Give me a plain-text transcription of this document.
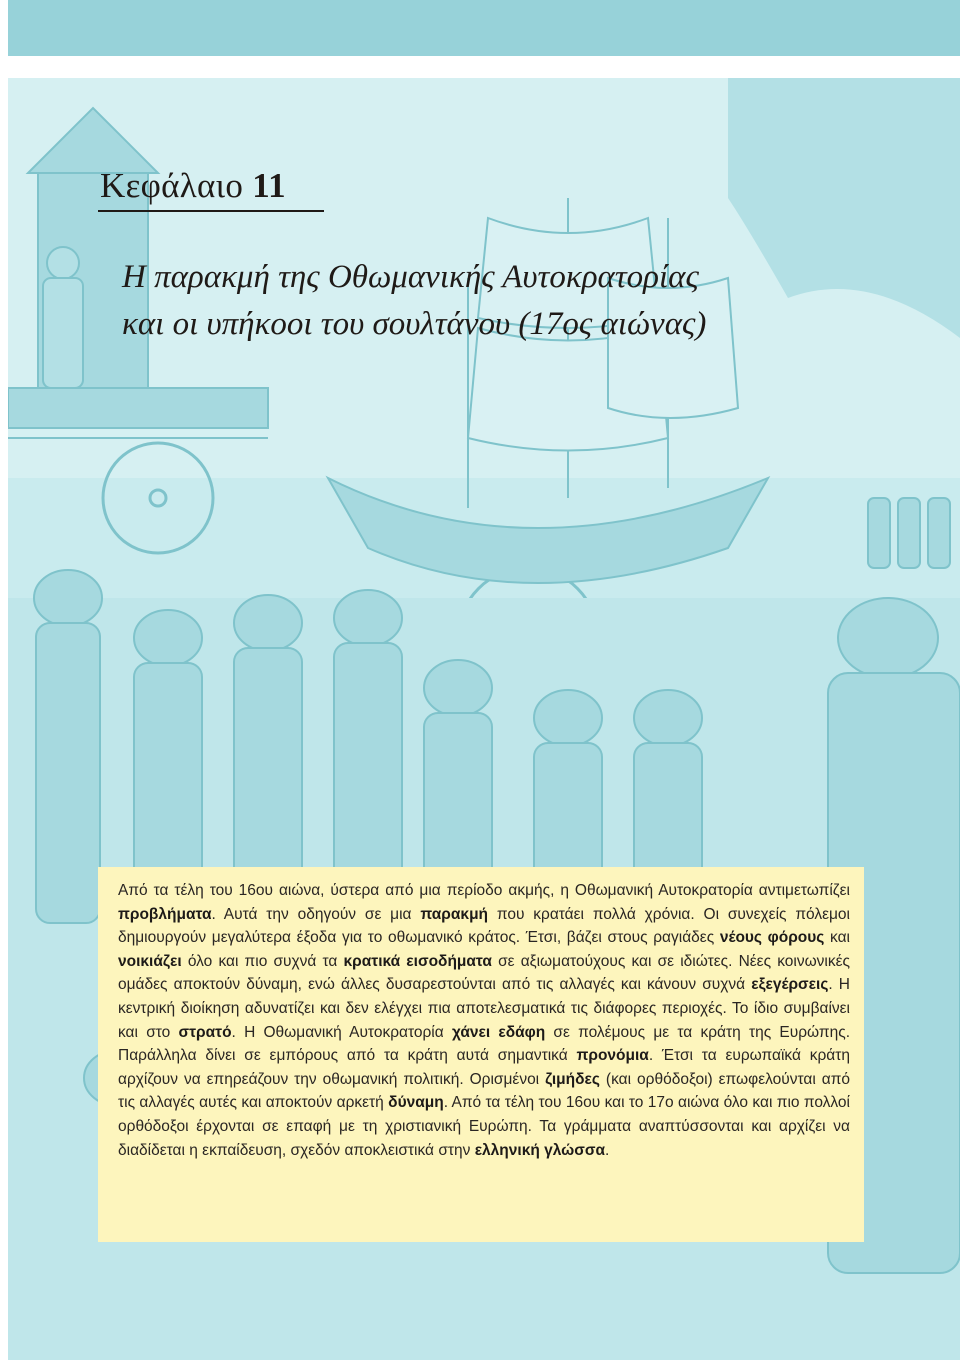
Κεφάλαιο 11
Η παρακμή της Οθωμανικής Αυτοκρατορίας
και οι υπήκοοι του σουλτάνου (17ος αιώνας)

Από τα τέλη του 16ου αιώνα, ύστερα από μια περίοδο ακμής, η Οθωμανική Αυτοκρατορία αντιμετωπίζει προβλήματα. Αυτά την οδηγούν σε μια παρακμή που κρατάει πολλά χρόνια. Οι συνεχείς πόλεμοι δημιουργούν μεγαλύτερα έξοδα για το οθωμανικό κράτος. Έτσι, βάζει στους ραγιάδες νέους φόρους και νοικιάζει όλο και πιο συχνά τα κρατικά εισοδήματα σε αξιωματούχους και σε ιδιώτες. Νέες κοινωνικές ομάδες αποκτούν δύναμη, ενώ άλλες δυσαρεστούνται από τις αλλαγές και κάνουν συχνά εξεγέρσεις. Η κεντρική διοίκηση αδυνατίζει και δεν ελέγχει πια αποτελεσματικά τις διάφορες περιοχές. Το ίδιο συμβαίνει και στο στρατό. Η Οθωμανική Αυτοκρατορία χάνει εδάφη σε πολέμους με τα κράτη της Ευρώπης. Παράλληλα δίνει σε εμπόρους από τα κράτη αυτά σημαντικά προνόμια. Έτσι τα ευρωπαϊκά κράτη αρχίζουν να επηρεάζουν την οθωμανική πολιτική. Ορισμένοι ζιμήδες (και ορθόδοξοι) επωφελούνται από τις αλλαγές αυτές και αποκτούν αρκετή δύναμη. Από τα τέλη του 16ου και το 17ο αιώνα όλο και πιο πολλοί ορθόδοξοι έρχονται σε επαφή με τη χριστιανική Ευρώπη. Τα γράμματα αναπτύσσονται και αρχίζει να διαδίδεται η εκπαίδευση, σχεδόν αποκλειστικά στην ελληνική γλώσσα.
